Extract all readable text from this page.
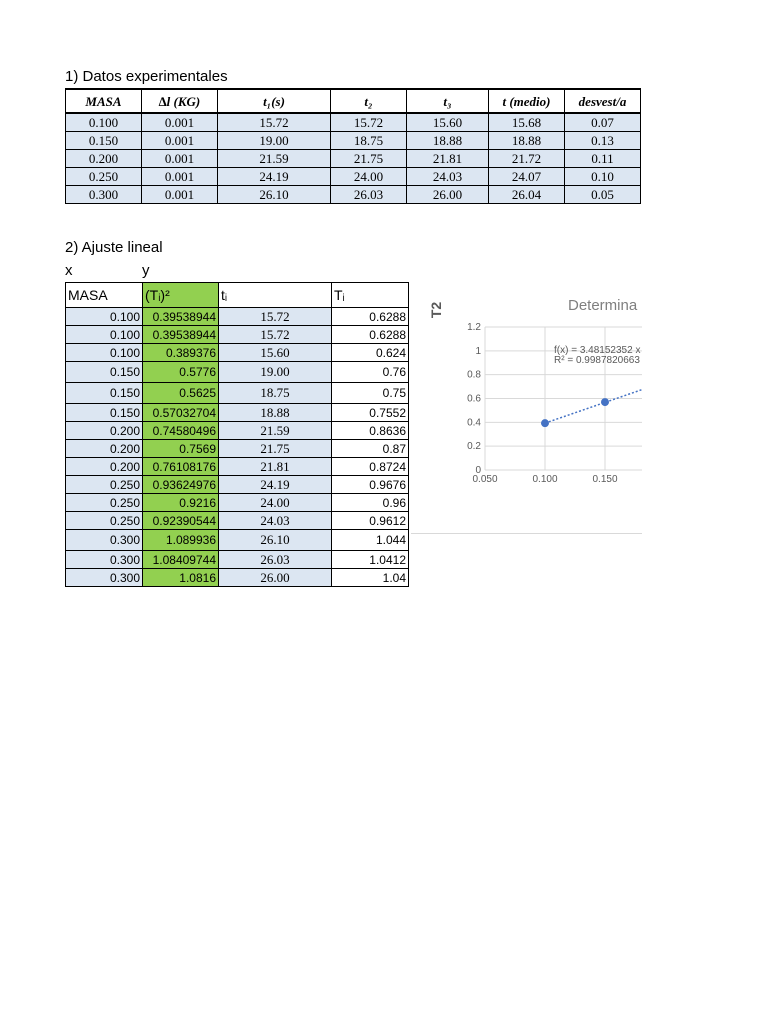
1) Datos experimentales
MASA	∆l (KG)	t₁(s)	t₂	t₃	t (medio)	desvest/a
0.100	0.001	15.72	15.72	15.60	15.68	0.07
0.150	0.001	19.00	18.75	18.88	18.88	0.13
0.200	0.001	21.59	21.75	21.81	21.72	0.11
0.250	0.001	24.19	24.00	24.03	24.07	0.10
0.300	0.001	26.10	26.03	26.00	26.04	0.05
2) Ajuste lineal
x	y
MASA	(Tᵢ)²	tᵢ	Tᵢ
0.100	0.39538944	15.72	0.6288
0.100	0.39538944	15.72	0.6288
0.100	0.389376	15.60	0.624
0.150	0.5776	19.00	0.76
0.150	0.5625	18.75	0.75
0.150	0.57032704	18.88	0.7552
0.200	0.74580496	21.59	0.8636
0.200	0.7569	21.75	0.87
0.200	0.76108176	21.81	0.8724
0.250	0.93624976	24.19	0.9676
0.250	0.9216	24.00	0.96
0.250	0.92390544	24.03	0.9612
0.300	1.089936	26.10	1.044
0.300	1.08409744	26.03	1.0412
0.300	1.0816	26.00	1.04
0
0.2
0.4
0.6
0.8
1
1.2
0.050	0.100	0.150
T2	Determina
f(x) = 3.48152352 x
R² = 0.9987820663
